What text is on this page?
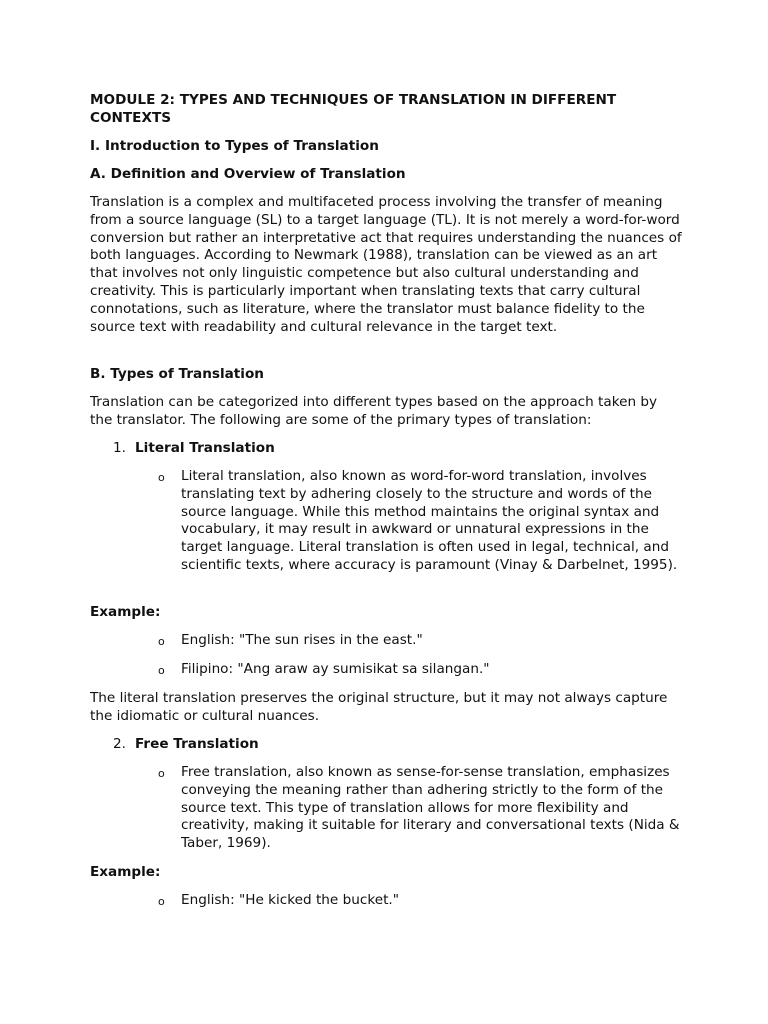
MODULE 2: TYPES AND TECHNIQUES OF TRANSLATION IN DIFFERENT CONTEXTS

I. Introduction to Types of Translation

A. Definition and Overview of Translation

Translation is a complex and multifaceted process involving the transfer of meaning from a source language (SL) to a target language (TL). It is not merely a word-for-word conversion but rather an interpretative act that requires understanding the nuances of both languages. According to Newmark (1988), translation can be viewed as an art that involves not only linguistic competence but also cultural understanding and creativity. This is particularly important when translating texts that carry cultural connotations, such as literature, where the translator must balance fidelity to the source text with readability and cultural relevance in the target text.

B. Types of Translation

Translation can be categorized into different types based on the approach taken by the translator. The following are some of the primary types of translation:

1. Literal Translation
o Literal translation, also known as word-for-word translation, involves translating text by adhering closely to the structure and words of the source language. While this method maintains the original syntax and vocabulary, it may result in awkward or unnatural expressions in the target language. Literal translation is often used in legal, technical, and scientific texts, where accuracy is paramount (Vinay & Darbelnet, 1995).

Example:

o English: "The sun rises in the east."

o Filipino: "Ang araw ay sumisikat sa silangan."

The literal translation preserves the original structure, but it may not always capture the idiomatic or cultural nuances.

2. Free Translation
o Free translation, also known as sense-for-sense translation, emphasizes conveying the meaning rather than adhering strictly to the form of the source text. This type of translation allows for more flexibility and creativity, making it suitable for literary and conversational texts (Nida & Taber, 1969).

Example:

o English: "He kicked the bucket."
